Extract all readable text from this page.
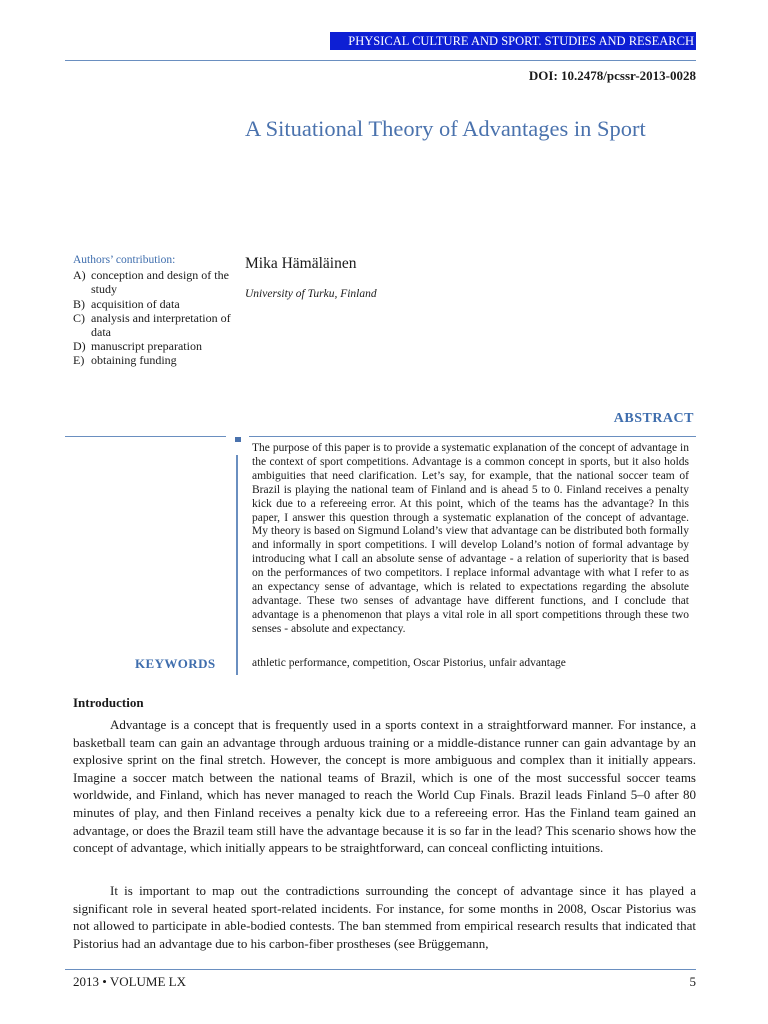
PHYSICAL CULTURE AND SPORT. STUDIES AND RESEARCH
DOI: 10.2478/pcssr-2013-0028
A Situational Theory of Advantages in Sport
Authors’ contribution:
A) conception and design of the study
B) acquisition of data
C) analysis and interpretation of data
D) manuscript preparation
E) obtaining funding
Mika Hämäläinen
University of Turku, Finland
ABSTRACT

The purpose of this paper is to provide a systematic explanation of the concept of advantage in the context of sport competitions. Advantage is a common concept in sports, but it also holds ambiguities that need clarification. Let’s say, for example, that the national soccer team of Brazil is playing the national team of Finland and is ahead 5 to 0. Finland receives a penalty kick due to a refereeing error. At this point, which of the teams has the advantage? In this paper, I answer this question through a systematic explanation of the concept of advantage. My theory is based on Sigmund Loland’s view that advantage can be distributed both formally and informally in sport competitions. I will develop Loland’s notion of formal advantage by introducing what I call an absolute sense of advantage - a relation of superiority that is based on the performances of two competitors. I replace informal advantage with what I refer to as an expectancy sense of advantage, which is related to expectations regarding the absolute advantage. These two senses of advantage have different functions, and I conclude that advantage is a phenomenon that plays a vital role in all sport competitions through these two senses - absolute and expectancy.

KEYWORDS	athletic performance, competition, Oscar Pistorius, unfair advantage
Introduction

Advantage is a concept that is frequently used in a sports context in a straightforward manner. For instance, a basketball team can gain an advantage through arduous training or a middle-distance runner can gain advantage by an explosive sprint on the final stretch. However, the concept is more ambiguous and complex than it initially appears. Imagine a soccer match between the national teams of Brazil, which is one of the most successful soccer teams worldwide, and Finland, which has never managed to reach the World Cup Finals. Brazil leads Finland 5–0 after 80 minutes of play, and then Finland receives a penalty kick due to a refereeing error. Has the Finland team gained an advantage, or does the Brazil team still have the advantage because it is so far in the lead? This scenario shows how the concept of advantage, which initially appears to be straightforward, can conceal conflicting intuitions.

It is important to map out the contradictions surrounding the concept of advantage since it has played a significant role in several heated sport-related incidents. For instance, for some months in 2008, Oscar Pistorius was not allowed to participate in able-bodied contests. The ban stemmed from empirical research results that indicated that Pistorius had an advantage due to his carbon-fiber prostheses (see Brüggemann,

2013 • VOLUME LX	5
